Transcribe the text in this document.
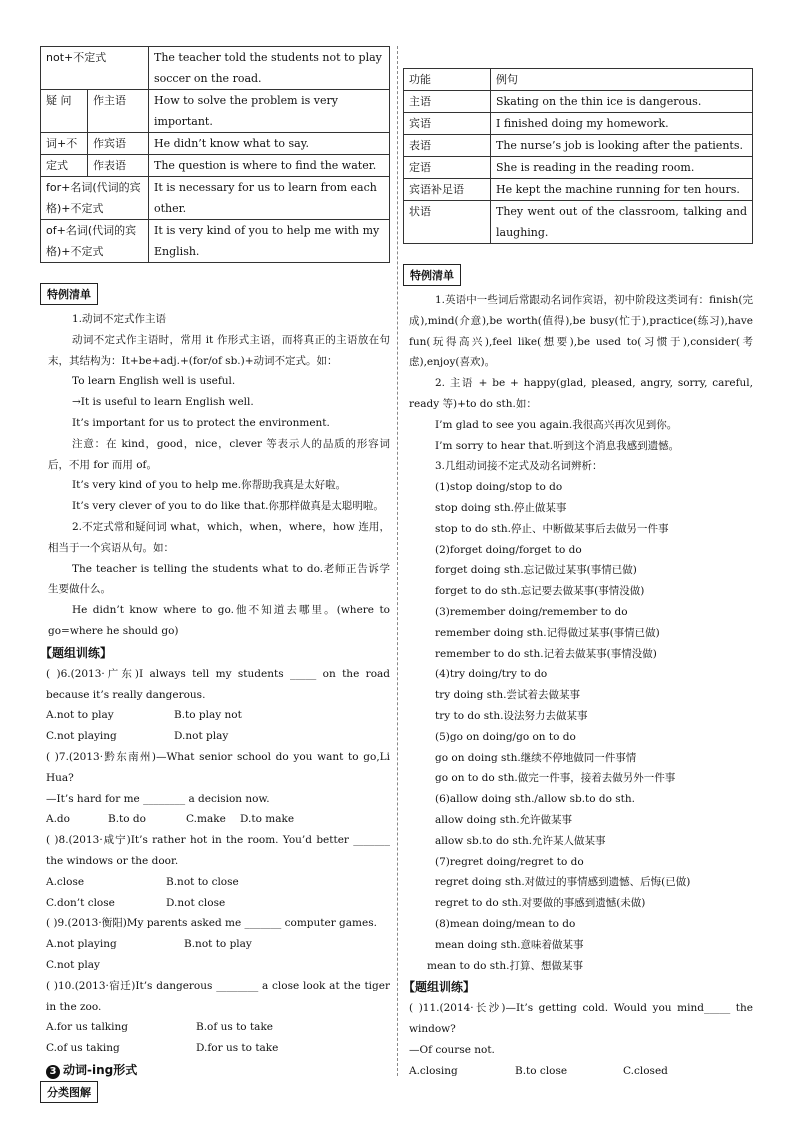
not+不定式		The teacher told the students not to play soccer on the road.
疑 问	作主语	How to solve the problem is very important.
词+不	作宾语	He didn’t know what to say.
定式	作表语	The question is where to find the water.
for+名词(代词的宾格)+不定式		It is necessary for us to learn from each other.
of+名词(代词的宾格)+不定式		It is very kind of you to help me with my English.
特例清单
1.动词不定式作主语
动词不定式作主语时，常用 it 作形式主语，而将真正的主语放在句末，其结构为：It+be+adj.+(for/of sb.)+动词不定式。如：
To learn English well is useful.
→It is useful to learn English well.
It’s important for us to protect the environment.
注意：在 kind，good，nice，clever 等表示人的品质的形容词后，不用 for 而用 of。
It’s very kind of you to help me.你帮助我真是太好啦。
It’s very clever of you to do like that.你那样做真是太聪明啦。
2.不定式常和疑问词 what，which，when，where，how 连用，相当于一个宾语从句。如：
The teacher is telling the students what to do.老师正告诉学生要做什么。
He didn’t know where to go.他不知道去哪里。(where to go=where he should go)
【题组训练】
( )6.(2013·广东)I always tell my students _____ on the road because it’s really dangerous.
A.not to play	B.to play not
C.not playing	D.not play
( )7.(2013·黔东南州)—What senior school do you want to go,Li Hua?
—It’s hard for me ________ a decision now.
A.do	B.to do	C.make	D.to make
( )8.(2013·咸宁)It’s rather hot in the room. You’d better _______ the windows or the door.
A.close	B.not to close
C.don’t close	D.not close
( )9.(2013·衡阳)My parents asked me _______ computer games.
A.not playing	B.not to play
C.not play
( )10.(2013·宿迁)It’s dangerous ________ a close look at the tiger in the zoo.
A.for us talking	B.of us to take
C.of us taking	D.for us to take
3 动词-ing形式
分类图解
功能	例句
主语	Skating on the thin ice is dangerous.
宾语	I finished doing my homework.
表语	The nurse’s job is looking after the patients.
定语	She is reading in the reading room.
宾语补足语	He kept the machine running for ten hours.
状语	They went out of the classroom, talking and laughing.
特例清单
1.英语中一些词后常跟动名词作宾语，初中阶段这类词有：finish(完成),mind(介意),be worth(值得),be busy(忙于),practice(练习),have fun(玩得高兴),feel like(想要),be used to(习惯于),consider(考虑),enjoy(喜欢)。
2. 主语 + be + happy(glad, pleased, angry, sorry, careful, ready 等)+to do sth.如：
I’m glad to see you again.我很高兴再次见到你。
I’m sorry to hear that.听到这个消息我感到遗憾。
3.几组动词接不定式及动名词辨析：
(1)stop doing/stop to do
stop doing sth.停止做某事
stop to do sth.停止、中断做某事后去做另一件事
(2)forget doing/forget to do
forget doing sth.忘记做过某事(事情已做)
forget to do sth.忘记要去做某事(事情没做)
(3)remember doing/remember to do
remember doing sth.记得做过某事(事情已做)
remember to do sth.记着去做某事(事情没做)
(4)try doing/try to do
try doing sth.尝试着去做某事
try to do sth.设法努力去做某事
(5)go on doing/go on to do
go on doing sth.继续不停地做同一件事情
go on to do sth.做完一件事，接着去做另外一件事
(6)allow doing sth./allow sb.to do sth.
allow doing sth.允许做某事
allow sb.to do sth.允许某人做某事
(7)regret doing/regret to do
regret doing sth.对做过的事情感到遗憾、后悔(已做)
regret to do sth.对要做的事感到遗憾(未做)
(8)mean doing/mean to do
mean doing sth.意味着做某事
mean to do sth.打算、想做某事
【题组训练】
( )11.(2014·长沙)—It’s getting cold. Would you mind_____ the window?
—Of course not.
A.closing	B.to close	C.closed
